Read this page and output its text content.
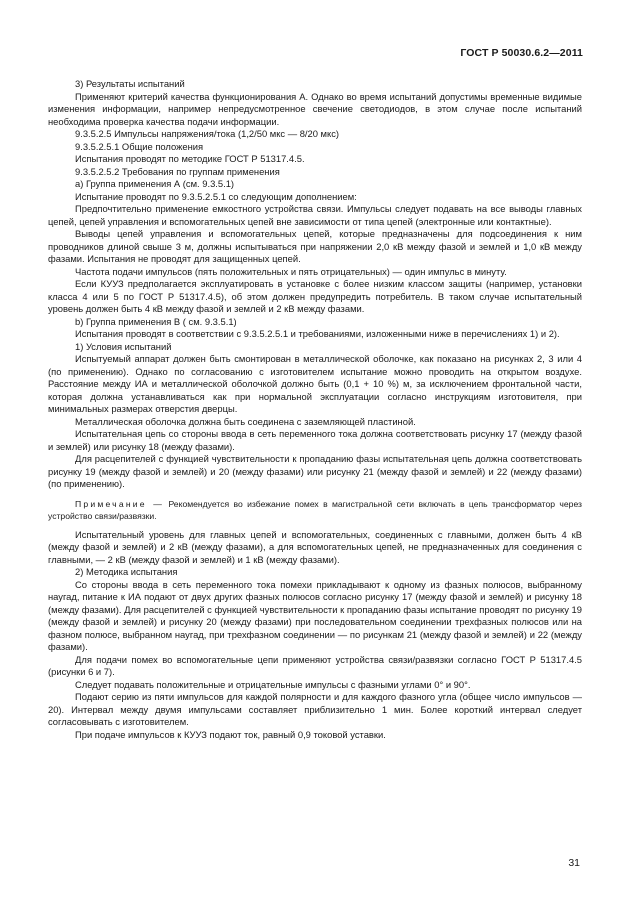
ГОСТ Р 50030.6.2—2011

3) Результаты испытаний

Применяют критерий качества функционирования А. Однако во время испытаний допустимы временные видимые изменения информации, например непредусмотренное свечение светодиодов, в этом случае после испытаний необходима проверка качества подачи информации.

9.3.5.2.5 Импульсы напряжения/тока (1,2/50 мкс — 8/20 мкс)

9.3.5.2.5.1 Общие положения

Испытания проводят по методике ГОСТ Р 51317.4.5.

9.3.5.2.5.2 Требования по группам применения

а) Группа применения А (см. 9.3.5.1)

Испытание проводят по 9.3.5.2.5.1 со следующим дополнением:

Предпочтительно применение емкостного устройства связи. Импульсы следует подавать на все выводы главных цепей, цепей управления и вспомогательных цепей вне зависимости от типа цепей (электронные или контактные).

Выводы цепей управления и вспомогательных цепей, которые предназначены для подсоединения к ним проводников длиной свыше 3 м, должны испытываться при напряжении 2,0 кВ между фазой и землей и 1,0 кВ между фазами. Испытания не проводят для защищенных цепей.

Частота подачи импульсов (пять положительных и пять отрицательных) — один импульс в минуту.

Если КУУЗ предполагается эксплуатировать в установке с более низким классом защиты (например, установки класса 4 или 5 по ГОСТ Р 51317.4.5), об этом должен предупредить потребитель. В таком случае испытательный уровень должен быть 4 кВ между фазой и землей и 2 кВ между фазами.

b) Группа применения В ( см. 9.3.5.1)

Испытания проводят в соответствии с 9.3.5.2.5.1 и требованиями, изложенными ниже в перечислениях 1) и 2).

1) Условия испытаний

Испытуемый аппарат должен быть смонтирован в металлической оболочке, как показано на рисунках 2, 3 или 4 (по применению). Однако по согласованию с изготовителем испытание можно проводить на открытом воздухе. Расстояние между ИА и металлической оболочкой должно быть (0,1 + 10 %) м, за исключением фронтальной части, которая должна устанавливаться как при нормальной эксплуатации согласно инструкциям изготовителя, при минимальных размерах отверстия дверцы.

Металлическая оболочка должна быть соединена с заземляющей пластиной.

Испытательная цепь со стороны ввода в сеть переменного тока должна соответствовать рисунку 17 (между фазой и землей) или рисунку 18 (между фазами).

Для расцепителей с функцией чувствительности к пропаданию фазы испытательная цепь должна соответствовать рисунку 19 (между фазой и землей) и 20 (между фазами) или рисунку 21 (между фазой и землей) и 22 (между фазами) (по применению).

Примечание — Рекомендуется во избежание помех в магистральной сети включать в цепь трансформатор через устройство связи/развязки.

Испытательный уровень для главных цепей и вспомогательных, соединенных с главными, должен быть 4 кВ (между фазой и землей) и 2 кВ (между фазами), а для вспомогательных цепей, не предназначенных для соединения с главными, — 2 кВ (между фазой и землей) и 1 кВ (между фазами).

2) Методика испытания

Со стороны ввода в сеть переменного тока помехи прикладывают к одному из фазных полюсов, выбранному наугад, питание к ИА подают от двух других фазных полюсов согласно рисунку 17 (между фазой и землей) и рисунку 18 (между фазами). Для расцепителей с функцией чувствительности к пропаданию фазы испытание проводят по рисунку 19 (между фазой и землей) и рисунку 20 (между фазами) при последовательном соединении трехфазных полюсов или на фазном полюсе, выбранном наугад, при трехфазном соединении — по рисункам 21 (между фазой и землей) и 22 (между фазами).

Для подачи помех во вспомогательные цепи применяют устройства связи/развязки согласно ГОСТ Р 51317.4.5 (рисунки 6 и 7).

Следует подавать положительные и отрицательные импульсы с фазными углами 0° и 90°.

Подают серию из пяти импульсов для каждой полярности и для каждого фазного угла (общее число импульсов — 20). Интервал между двумя импульсами составляет приблизительно 1 мин. Более короткий интервал следует согласовывать с изготовителем.

При подаче импульсов к КУУЗ подают ток, равный 0,9 токовой уставки.

31
